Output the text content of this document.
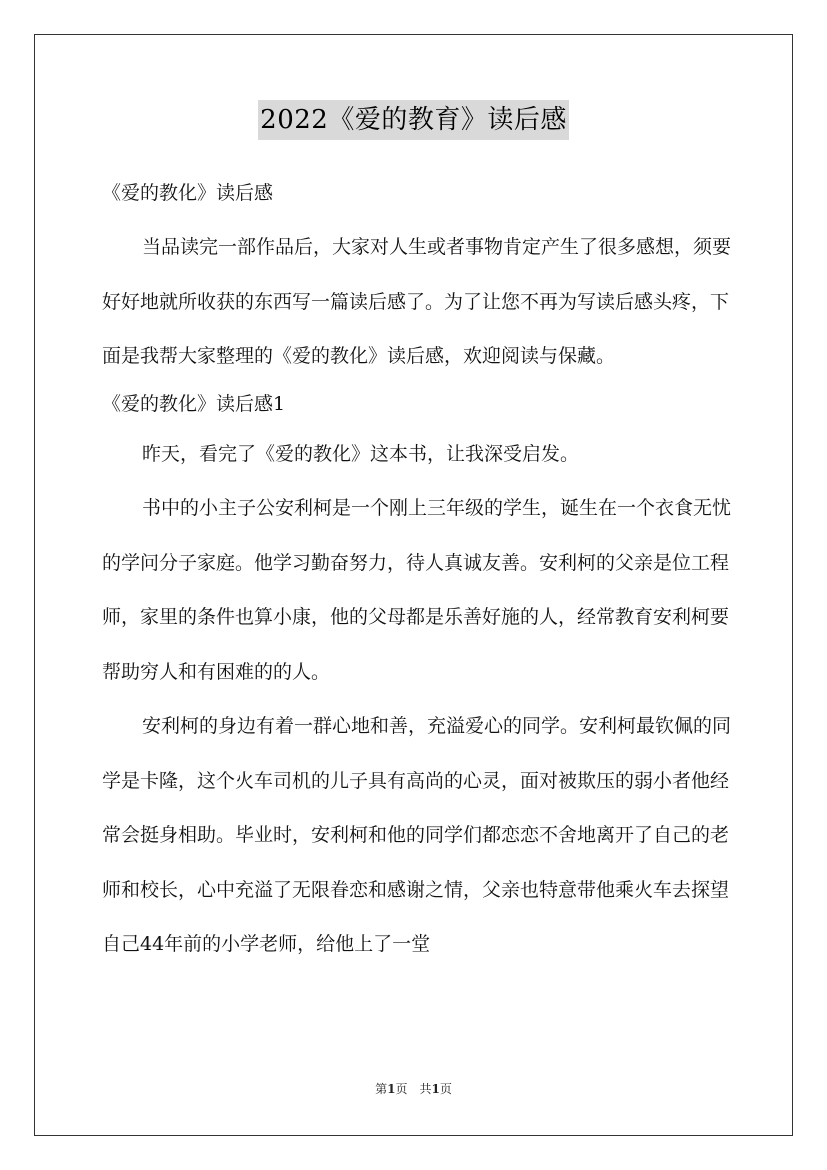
2022《爱的教育》读后感

《爱的教化》读后感

当品读完一部作品后，大家对人生或者事物肯定产生了很多感想，须要好好地就所收获的东西写一篇读后感了。为了让您不再为写读后感头疼，下面是我帮大家整理的《爱的教化》读后感，欢迎阅读与保藏。

《爱的教化》读后感1

昨天，看完了《爱的教化》这本书，让我深受启发。

书中的小主子公安利柯是一个刚上三年级的学生，诞生在一个衣食无忧的学问分子家庭。他学习勤奋努力，待人真诚友善。安利柯的父亲是位工程师，家里的条件也算小康，他的父母都是乐善好施的人，经常教育安利柯要帮助穷人和有困难的的人。

安利柯的身边有着一群心地和善，充溢爱心的同学。安利柯最钦佩的同学是卡隆，这个火车司机的儿子具有高尚的心灵，面对被欺压的弱小者他经常会挺身相助。毕业时，安利柯和他的同学们都恋恋不舍地离开了自己的老师和校长，心中充溢了无限眷恋和感谢之情，父亲也特意带他乘火车去探望自己44年前的小学老师，给他上了一堂

第1页　共1页
